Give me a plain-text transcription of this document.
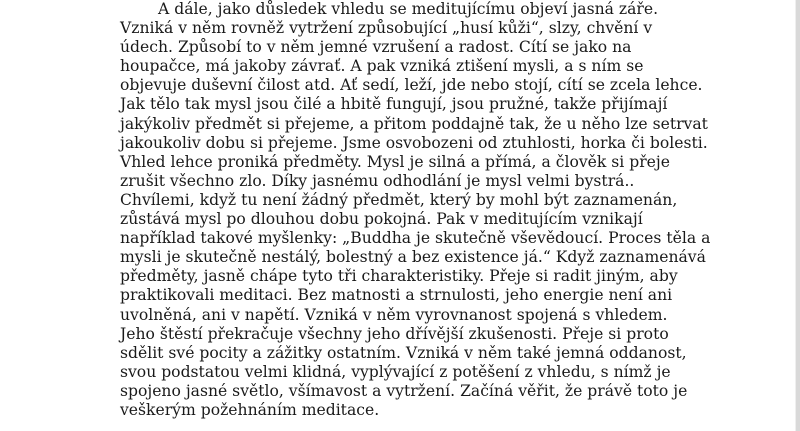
A dále, jako důsledek vhledu se meditujícímu objeví jasná záře.
Vzniká v něm rovněž vytržení způsobující „husí kůži“, slzy, chvění v
údech. Způsobí to v něm jemné vzrušení a radost. Cítí se jako na
houpačce, má jakoby závrať. A pak vzniká ztišení mysli, a s ním se
objevuje duševní čilost atd. Ať sedí, leží, jde nebo stojí, cítí se zcela lehce.
Jak tělo tak mysl jsou čilé a hbitě fungují, jsou pružné, takže přijímají
jakýkoliv předmět si přejeme, a přitom poddajně tak, že u něho lze setrvat
jakoukoliv dobu si přejeme. Jsme osvobozeni od ztuhlosti, horka či bolesti.
Vhled lehce proniká předměty. Mysl je silná a přímá, a člověk si přeje
zrušit všechno zlo. Díky jasnému odhodlání je mysl velmi bystrá..
Chvílemi, když tu není žádný předmět, který by mohl být zaznamenán,
zůstává mysl po dlouhou dobu pokojná. Pak v meditujícím vznikají
například takové myšlenky: „Buddha je skutečně vševědoucí. Proces těla a
mysli je skutečně nestálý, bolestný a bez existence já.“ Když zaznamenává
předměty, jasně chápe tyto tři charakteristiky. Přeje si radit jiným, aby
praktikovali meditaci. Bez matnosti a strnulosti, jeho energie není ani
uvolněná, ani v napětí. Vzniká v něm vyrovnanost spojená s vhledem.
Jeho štěstí překračuje všechny jeho dřívější zkušenosti. Přeje si proto
sdělit své pocity a zážitky ostatním. Vzniká v něm také jemná oddanost,
svou podstatou velmi klidná, vyplývající z potěšení z vhledu, s nímž je
spojeno jasné světlo, všímavost a vytržení. Začíná věřit, že právě toto je
veškerým požehnáním meditace.
